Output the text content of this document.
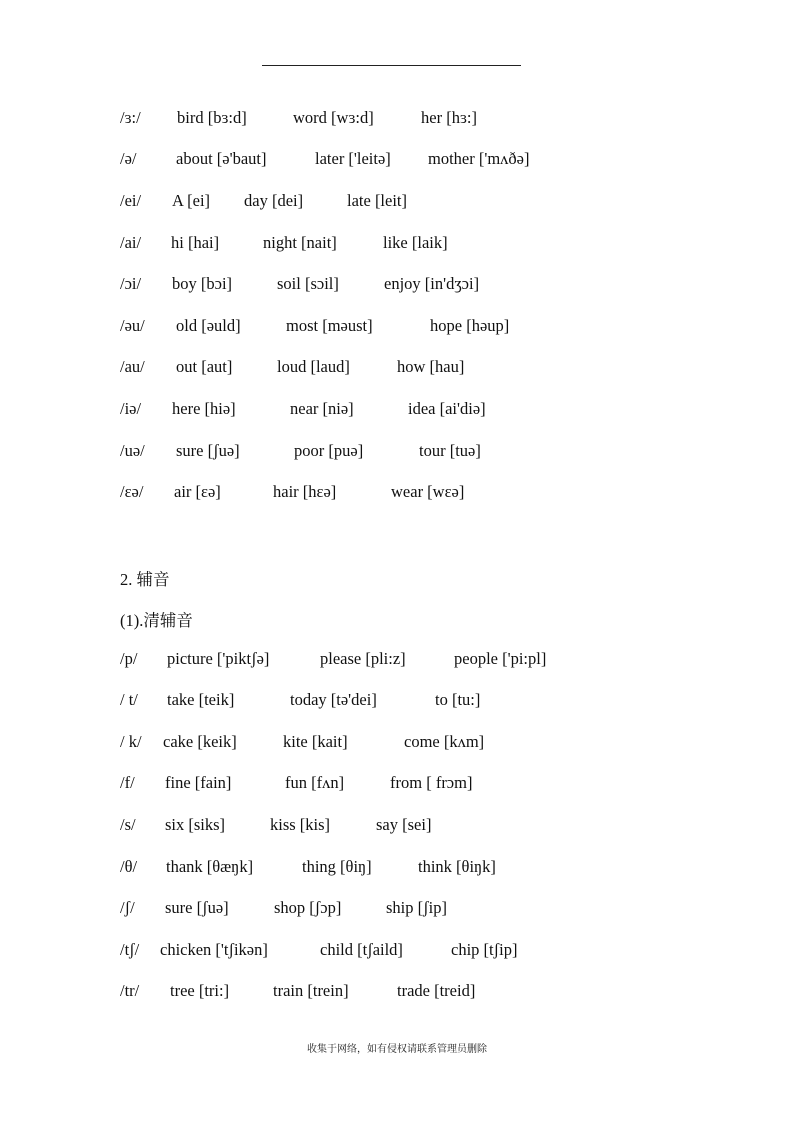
/ɜ:/ bird [bɜ:d]	word [wɜ:d]	her [hɜ:]
/ə/ about [ə'baut]	later ['leitə] mother ['mʌðə]
/ei/ A [ei] day [dei]	late [leit]
/ai/ hi [hai]	night [nait]	like [laik]
/ɔi/ boy [bɔi]	soil [sɔil]	enjoy [in'dʒɔi]
/əu/ old [əuld]	most [məust]	hope [həup]
/au/ out [aut]	loud [laud]	how [hau]
/iə/ here [hiə]	near [niə]	idea [ai'diə]
/uə/ sure [ʃuə]	poor [puə]	tour [tuə]
/εə/ air [εə]	hair [hεə]	wear [wεə]
2. 辅音
(1).清辅音
/p/ picture ['piktʃə]	please [pli:z]	people ['pi:pl]
/ t/ take [teik]	today [tə'dei]	to [tu:]
/ k/ cake [keik]	kite [kait]	come [kʌm]
/f/ fine [fain]	fun [fʌn]	from [ frɔm]
/s/ six [siks]	kiss [kis]	say [sei]
/θ/ thank [θæŋk]	thing [θiŋ]	think [θiŋk]
/ʃ/ sure [ʃuə]	shop [ʃɔp]	ship [ʃip]
/tʃ/ chicken ['tʃikən]	child [tʃaild]	chip [tʃip]
/tr/ tree [tri:]	train [trein]	trade [treid]
收集于网络，如有侵权请联系管理员删除
